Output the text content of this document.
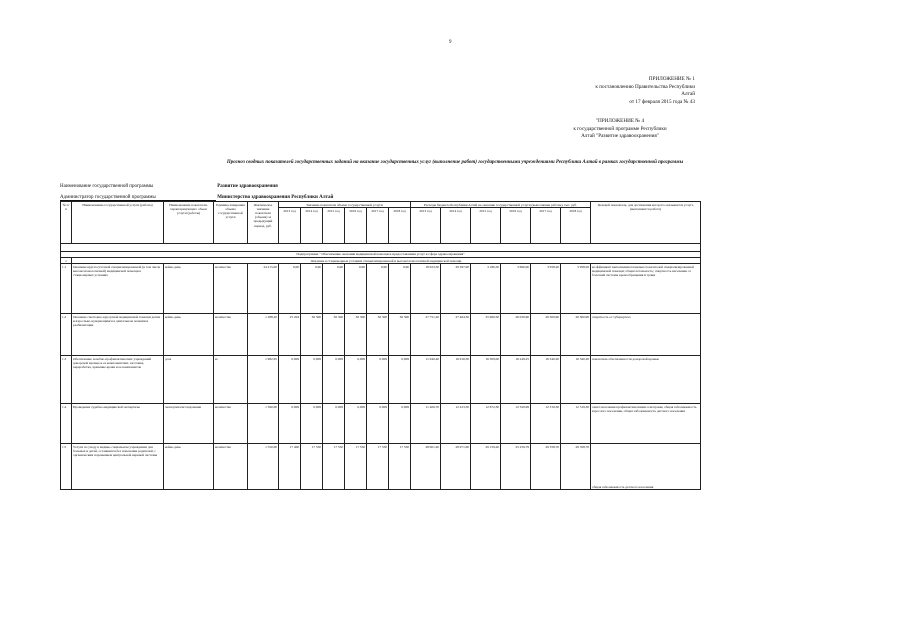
9
ПРИЛОЖЕНИЕ № 1
к постановлению Правительства Республики
Алтай
от 17 февраля 2015 года № 43
"ПРИЛОЖЕНИЕ № 4
к государственной программе Республики
Алтай "Развитие здравоохранения"
Прогноз сводных показателей государственных заданий на оказание государственных услуг (выполнение работ) государственными учреждениями Республики Алтай в рамках государственной программы
Наименование государственной программы	Развитие здравоохранения
Администратор государственной программы	Министерство здравоохранения Республики Алтай
№ п/п	Наименование государственной услуги (работы)	Наименование показателя, характеризующего объем услуги (работы)	Единица измерения объема государственной услуги	Фактическое значение показателя (объема) за предыдущий период, руб.	Значение показателя объема государственной услуги						Расходы бюджета Республики Алтай на оказание государственной услуги (выполнение работы), тыс. руб.						Целевой показатель, для достижения которого оказывается услуга (выполняется работа)
					2013 год	2014 год	2015 год	2016 год	2017 год	2018 год	2013 год	2014 год	2015 год	2016 год	2017 год	2018 год	

Подпрограмма " Обеспечение оказания медицинской помощи и предоставления услуг в сфере здравоохранения"																	
1	Оказание в стационарных условиях специализированной и высокотехнологичной медицинской помощи																
1.1	Оказание круглосуточной специализированной (в том числе высокотехнологичной) медицинской помощи в стационарных условиях	койко-день	количество	24 215,00	6,00	6,90	6,90	6,90	6,90	6,90	18 923,50	29 397,00	3 180,50	3 690,00	3 958,20	3 958,20	коэффициент выполнения плановых показателей специализированной медицинской помощи; общая летальность; смертность населения от болезней системы кровообращения и травм
1.2	Оказание санаторно-курортной медицинской помощи детям и взрослым, нуждающимся в длительном лечении и реабилитации	койко-день	количество	1 288,20	25 204	36 300	36 300	36 300	36 300	36 300	27 751,20	27 464,50	25 960,50	26 030,90	26 300,90	26 300,90	смертность от туберкулеза
1.3	Обеспечение лечебно-профилактических учреждений донорской кровью и ее компонентами, заготовка, переработка, хранение крови и ее компонентов	доза	кг	1 982,65	0,009	0,009	0,009	0,009	0,009	0,009	11 940,40	16 616,50	16 309,00	16 249,25	16 340,20	16 340,20	показатель обеспеченности донорской кровью
1.4	Проведение судебно-медицинской экспертизы	экспертиза/исследование	количество	1 390,00	0,009	0,009	0,009	0,009	0,009	0,009	11 406,70	12 223,50	12 672,30	12 320,99	12 319,30	12 319,30	охват населения профилактическими осмотрами, общая заболеваемость взрослого населения, общая заболеваемость детского населения
1.5	Услуги по уходу в медико-социальном учреждении для больных и детей, оставшихся без попечения родителей, с органическим поражением центральной нервной системы	койко-день	количество	1 550,00	17 400	17 550	17 550	17 550	17 550	17 550	28 001,20	29 971,00	29 159,20	25 259,79	29 358,70	29 358,70	общая заболеваемость детского населения
